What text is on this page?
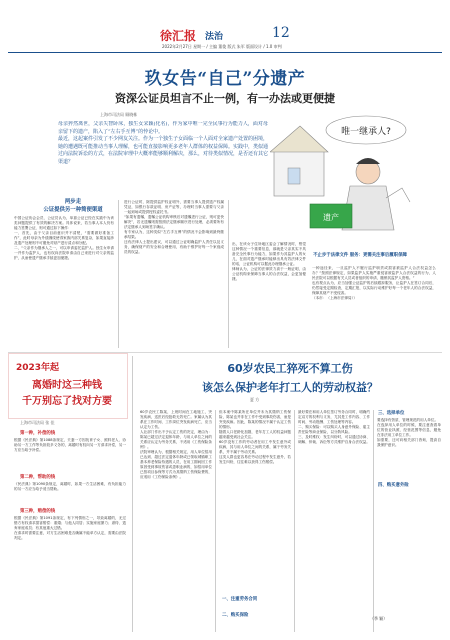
徐汇报 法治	12
2022年2月27日 星期一 / 主编 董俊 版式 朱军 版面设计 / 1.0 审判
玖女告“自己”分遗产
资深公证员坦言不止一例，有一办法或更便捷
上海市司法局 顾晓栋
母亲猝然离世，父亲失智卧床，独生女宋颖(化名)，作为家中唯一完全民事行为能力人，面对母亲留下的遗产，陷入了“左右手互博”的悖论中。
最近，这起案件引发了不少网友关注。作为一个独生子女面临一个人面对全家遗产处置的困境，她的遭遇既可能推动当事人理解，也可能直接影响更多老年人群体的权益保障。实践中，类似通过向法院诉讼的方式，在法院审理中大概率能够顺利解决，那么，对待类似情况，是否还有其它渠道？
唯一继承人?
遗产
两步走
公证提供另一种简便渠道
中国公证协会会员、公证员认为，单靠公证已经在实践中为该类问题提供了有效的解决方案。具体说来，若当事人本人仍有能力签署公证，则可通过如下操作：
一、首先，由于父亲目前意识并不清楚，“需要做好准备工作”，此时母亲为外债缠绕使得家族内部关系复杂，如果直接涉及遗产处理则不可避免对财产进行清点和分配。
二、“父亲作为继承人之一，可以申请委托监护人。独生女申请一并作为监护人，也有权向法院申请由自己来进行对父亲的监护，从而使遗产继承手续更加便捷。
进行公证时，除提供监护权证明外，需要当事人提供遗产权属凭证，如银行存款证明、房产证等，办理时当事人需要与父亲一起到场或提供授权委托书。
“如果有遗嘱，遗嘱公证机构审核后对遗嘱进行公证，则可更快解决”，若无遗嘱则需按照法定继承顺序进行处理，必须要所有法定继承人到场签字确认。
有专家认为，这种类似“左右手互博”的情况不会影响到最终继承结果。
还有法律人士提出建议，可以通过公证明确监护人责任以及义务，确保财产的安全和合理使用，有助于维护好每一个家庭成员的权益。
出，在该女子住所地区委会了解情况时，察觉这种情况一个重要信息，那就是父亲其实不具备完全民事行为能力，如果作为其监护人的女儿，在面对遗产继承时能够出具有效法律文件的话，公证机构可以据此办理继承公证。
律师认为，公证的法律效力高于一般证明，由公证机构来保障当事人的合法权益，会更加便捷。
不止步于法律文件 服务：更需关注事后履职保障
一种途径来，一旦监护人不履行监护职责或损害被监护人合法权益怎么办？“按照法律规定，如果监护人实施严重侵害被监护人合法权益的行为，人民法院可以根据有关人员或者组织的申请，撤销其监护人资格。”
也有观点认为，应当加强公证监护的后续跟踪服务，让监护人在签订合同后，仍然接受定期检查，定期汇报，以实际行动维护好每一个老年人的合法权益，保障其财产不受侵害。
（本市：（上海市法律局））
2023年起
离婚时这三种钱
千万别忘了找对方要
上海市司法局 张 佳
第一种，补偿的钱
根据《民法典》第1088条规定，夫妻一方因抚育子女、照料老人、协助另一方工作等负担较多义务的，离婚时有权向另一方请求补偿，另一方应当给予补偿。
第二种，帮助的钱
《民法典》第1090条规定，离婚时，如果一方生活困难，有负担能力的另一方应当给予适当帮助。
第三种，赔偿的钱
根据《民法典》第1091条规定，有下列情形之一，导致离婚的，无过错方有权请求损害赔偿：重婚；与他人同居；实施家庭暴力；虐待、遗弃家庭成员；有其他重大过错。
在请求时需要注意，对方生活困难是否确属不能单方认定，需要由法院判定。
60岁农民工猝死不算工伤
该怎么保护老年打工人的劳动权益？
夏 方
60岁农民工陈某，上班时间在工地施工，突发疾病，送医后经抢救无效死亡。家属认为其系在工作时间、工作岗位突发疾病死亡，应当认定为工伤。
人社部门作出不予认定工伤的决定，理由为：陈某已超过法定退休年龄，与用人单位之间的关系应认定为劳务关系，不适用《工伤保险条例》。
法院审理认为，根据相关规定，用人单位招用已达到、超过法定退休年龄或已领取城镇职工基本养老保险待遇的人员，在用工期间因工作原因受到事故伤害或患职业病的，如招用单位已按项目参保等方式为其缴纳工伤保险费的，应适用《工伤保险条例》。
但本案中陈某所在单位并未为其缴纳工伤保险，陈某也并非在工作中受到事故伤害，而是突发疾病。因此，陈某的情况不属于认定工伤的情形。
随着人口老龄化加剧，老年打工人的权益问题越来越受到社会关注。
60岁没有工作的劳动者在用工中发生意外或疾病，其与用人单位之间的关系，属于劳务关系，并不属于劳动关系。
这类人群也更容易在劳动过程中发生意外，若发生纠纷，往往难以获得工伤赔偿。
一、注重劳务合同
二、购买保险
最好要在和用人单位签订劳务合同时，明确约定双方的权利与义务，尤其是工作内容、工作时间、劳动报酬、工伤处理等内容。
二、购买保险：可以购买人身意外保险、雇主责任险等商业保险，以分散风险。
三、及时维权：发生纠纷时，可以通过协商、调解、仲裁、诉讼等方式维护自身合法权益。
三、选择单位
要选择有资质、管理规范的用人单位。
在选择用人单位的时候，要注意查看单位的营业执照、经营范围等信息，避免在非法用工单位工作。
如需要，还可向相关部门咨询，提高自我保护意识。
四、购买意外险
（季 颖）
